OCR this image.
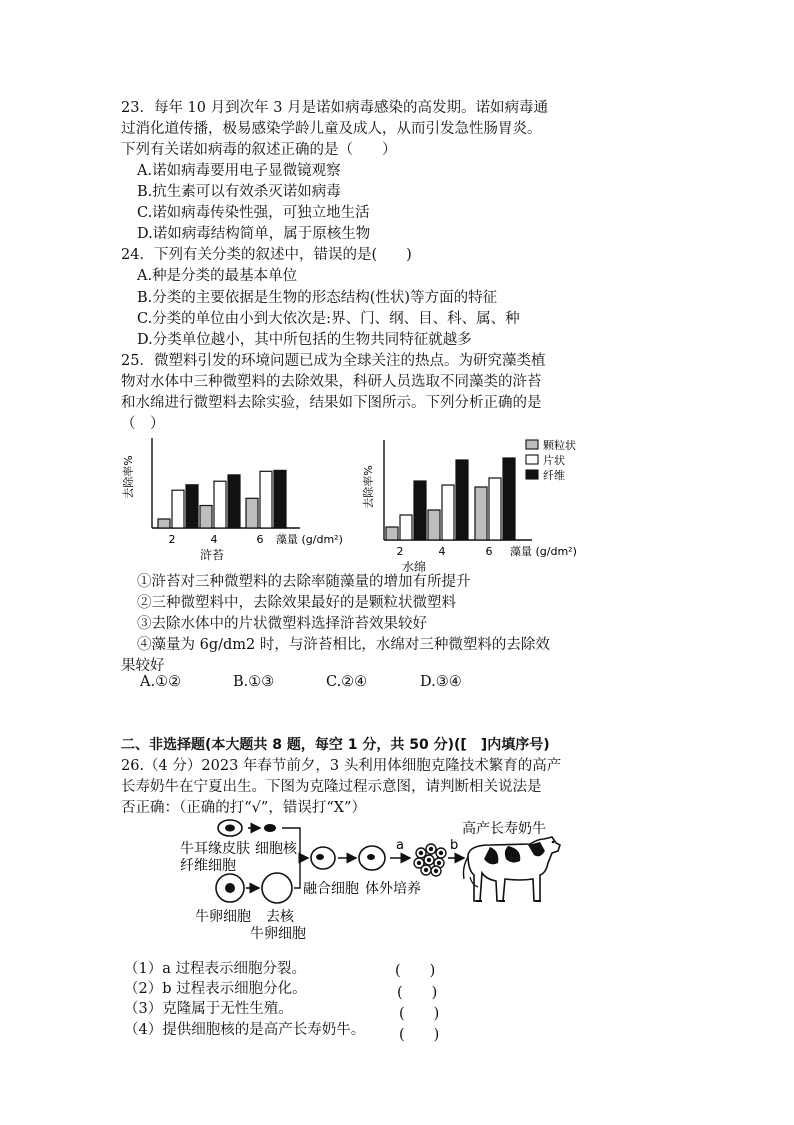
23．每年 10 月到次年 3 月是诺如病毒感染的高发期。诺如病毒通
过消化道传播，极易感染学龄儿童及成人，从而引发急性肠胃炎。
下列有关诺如病毒的叙述正确的是（　　）
A.诺如病毒要用电子显微镜观察
B.抗生素可以有效杀灭诺如病毒
C.诺如病毒传染性强，可独立地生活
D.诺如病毒结构简单，属于原核生物
24．下列有关分类的叙述中，错误的是(　　)
A.种是分类的最基本单位
B.分类的主要依据是生物的形态结构(性状)等方面的特征
C.分类的单位由小到大依次是:界、门、纲、目、科、属、种
D.分类单位越小，其中所包括的生物共同特征就越多
25．微塑料引发的环境问题已成为全球关注的热点。为研究藻类植
物对水体中三种微塑料的去除效果，科研人员选取不同藻类的浒苔
和水绵进行微塑料去除实验，结果如下图所示。下列分析正确的是
（　）
去除率%
2	4	6 藻量 (g/dm²)
浒苔
去除率%
2	4	6 藻量 (g/dm²)
水绵
颗粒状
片状
纤维
①浒苔对三种微塑料的去除率随藻量的增加有所提升
②三种微塑料中，去除效果最好的是颗粒状微塑料
③去除水体中的片状微塑料选择浒苔效果较好
④藻量为 6g/dm2 时，与浒苔相比，水绵对三种微塑料的去除效
果较好
A.①②	B.①③	C.②④	D.③④
二、非选择题(本大题共 8 题，每空 1 分，共 50 分)([　]内填序号)
26.（4 分）2023 年春节前夕，3 头利用体细胞克隆技术繁育的高产
长寿奶牛在宁夏出生。下图为克隆过程示意图，请判断相关说法是
否正确：（正确的打“√”，错误打“X”）
牛耳缘皮肤
纤维细胞
细胞核
牛卵细胞 去核
牛卵细胞
融合细胞 体外培养
a	b
高产长寿奶牛
（1）a 过程表示细胞分裂。	(　　)
（2）b 过程表示细胞分化。	(　　)
（3）克隆属于无性生殖。	(　　)
（4）提供细胞核的是高产长寿奶牛。 (　　)
